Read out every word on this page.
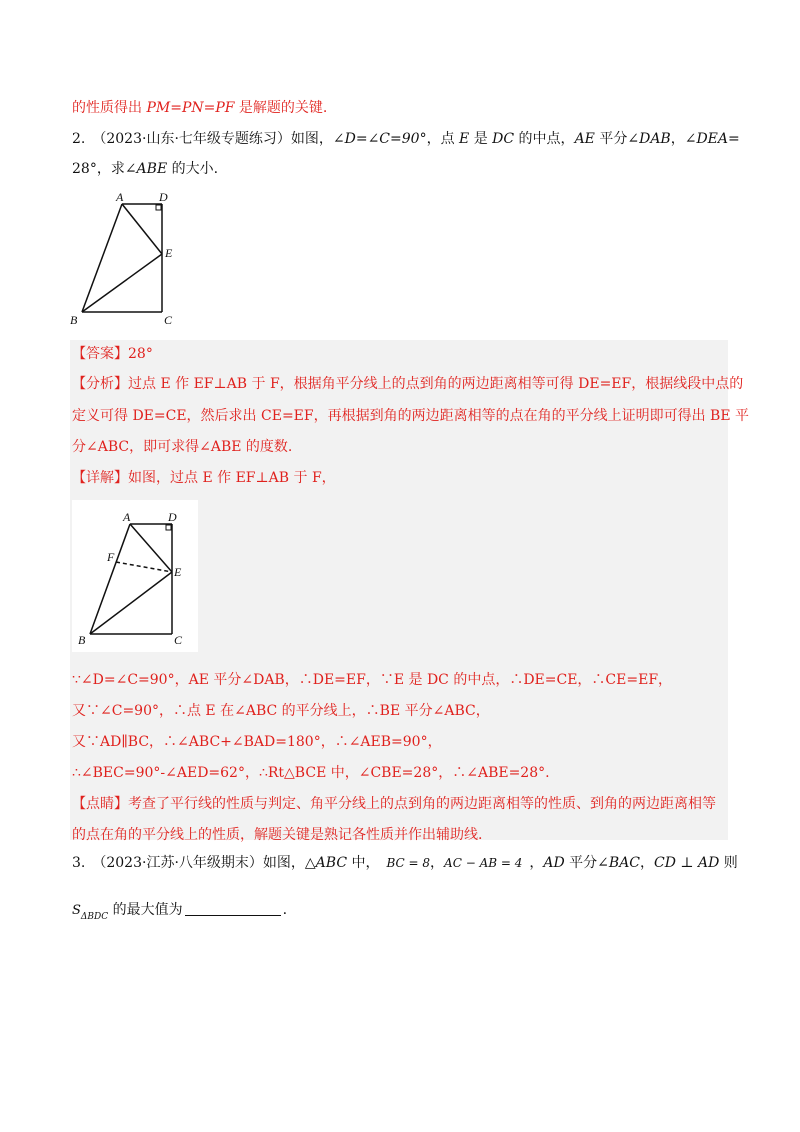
的性质得出 PM=PN=PF 是解题的关键.
2.  （2023·山东·七年级专题练习）如图，∠D=∠C=90°，点 E 是 DC 的中点，AE 平分∠DAB，∠DEA=
28°，求∠ABE 的大小.
A	D
E
B	C
【答案】28°
【分析】过点 E 作 EF⊥AB 于 F，根据角平分线上的点到角的两边距离相等可得 DE=EF，根据线段中点的
定义可得 DE=CE，然后求出 CE=EF，再根据到角的两边距离相等的点在角的平分线上证明即可得出 BE 平
分∠ABC，即可求得∠ABE 的度数.
【详解】如图，过点 E 作 EF⊥AB 于 F，
A	D
F
E
B	C
∵∠D=∠C=90°，AE 平分∠DAB，∴DE=EF，∵E 是 DC 的中点，∴DE=CE，∴CE=EF，
又∵∠C=90°，∴点 E 在∠ABC 的平分线上，∴BE 平分∠ABC，
又∵AD∥BC，∴∠ABC+∠BAD=180°，∴∠AEB=90°，
∴∠BEC=90°-∠AED=62°，∴Rt△BCE 中，∠CBE=28°，∴∠ABE=28°.
【点睛】考查了平行线的性质与判定、角平分线上的点到角的两边距离相等的性质、到角的两边距离相等
的点在角的平分线上的性质，解题关键是熟记各性质并作出辅助线.
3.  （2023·江苏·八年级期末）如图，△ABC 中，  BC = 8，AC − AB = 4  ，AD 平分∠BAC，CD ⊥ AD 则
$S_{\Delta BDC}$ 的最大值为	.
